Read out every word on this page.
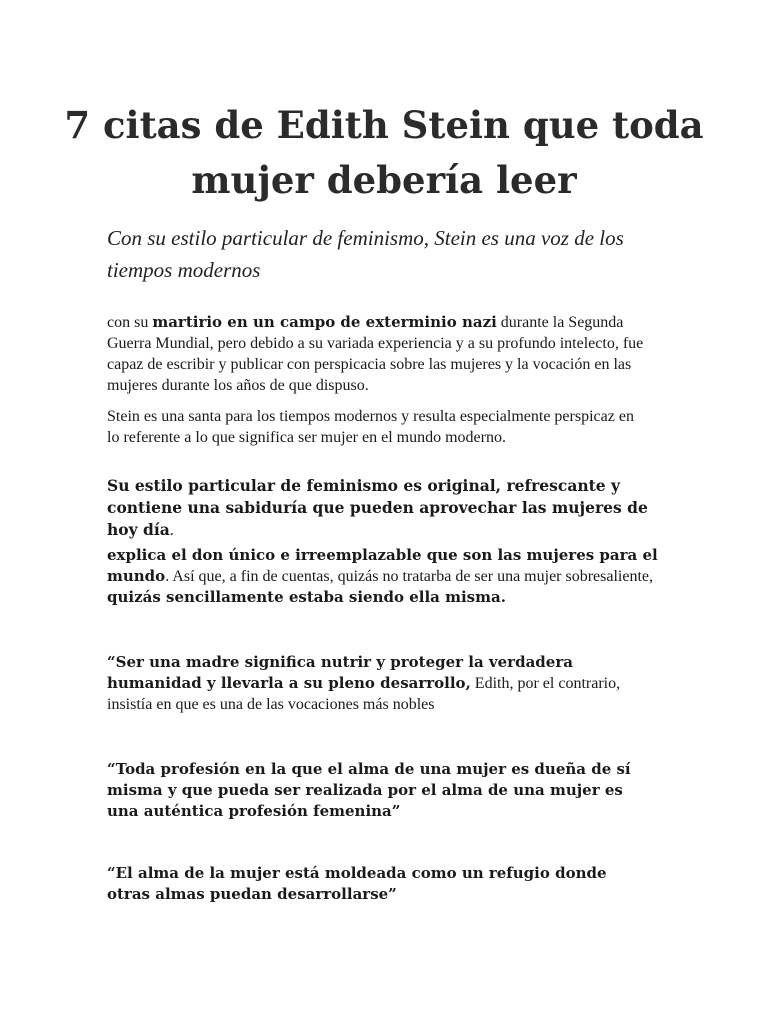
7 citas de Edith Stein que toda mujer debería leer

Con su estilo particular de feminismo, Stein es una voz de los tiempos modernos

con su martirio en un campo de exterminio nazi durante la Segunda Guerra Mundial, pero debido a su variada experiencia y a su profundo intelecto, fue capaz de escribir y publicar con perspicacia sobre las mujeres y la vocación en las mujeres durante los años de que dispuso.

Stein es una santa para los tiempos modernos y resulta especialmente perspicaz en lo referente a lo que significa ser mujer en el mundo moderno.

Su estilo particular de feminismo es original, refrescante y contiene una sabiduría que pueden aprovechar las mujeres de hoy día.

explica el don único e irreemplazable que son las mujeres para el mundo. Así que, a fin de cuentas, quizás no tratarba de ser una mujer sobresaliente, quizás sencillamente estaba siendo ella misma.

“Ser una madre significa nutrir y proteger la verdadera humanidad y llevarla a su pleno desarrollo, Edith, por el contrario, insistía en que es una de las vocaciones más nobles

“Toda profesión en la que el alma de una mujer es dueña de sí misma y que pueda ser realizada por el alma de una mujer es una auténtica profesión femenina”

“El alma de la mujer está moldeada como un refugio donde otras almas puedan desarrollarse”
